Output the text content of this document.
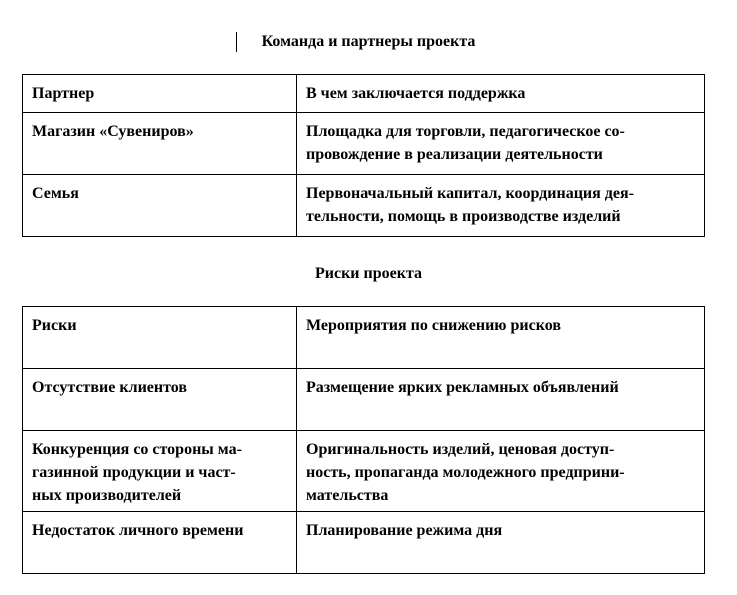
Команда и партнеры проекта
Партнер	В чем заключается поддержка
Магазин «Сувениров»	Площадка для торговли, педагогическое со-
провождение в реализации деятельности
Семья	Первоначальный капитал, координация дея-
тельности, помощь в производстве изделий
Риски проекта
Риски	Мероприятия по снижению рисков
Отсутствие клиентов	Размещение ярких рекламных объявлений
Конкуренция со стороны ма-
газинной продукции и част-
ных производителей	Оригинальность изделий, ценовая доступ-
ность, пропаганда молодежного предприни-
мательства
Недостаток личного времени	Планирование режима дня
